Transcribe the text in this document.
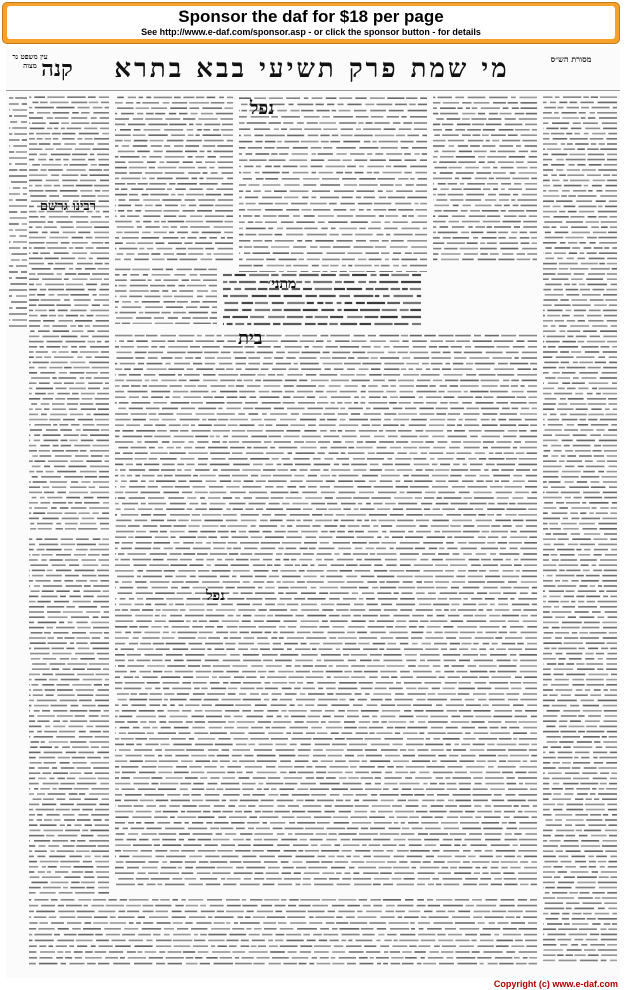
Sponsor the daf for $18 per page
See http://www.e-daf.com/sponsor.asp - or click the sponsor button - for details
מי שמת פרק תשיעי בבא בתרא
קנה	מסורת הש״ס
עין משפט נר מצוה
רבינו גרשם
מתני׳
נפל
בית
נפל
Copyright (c) www.e-daf.com
